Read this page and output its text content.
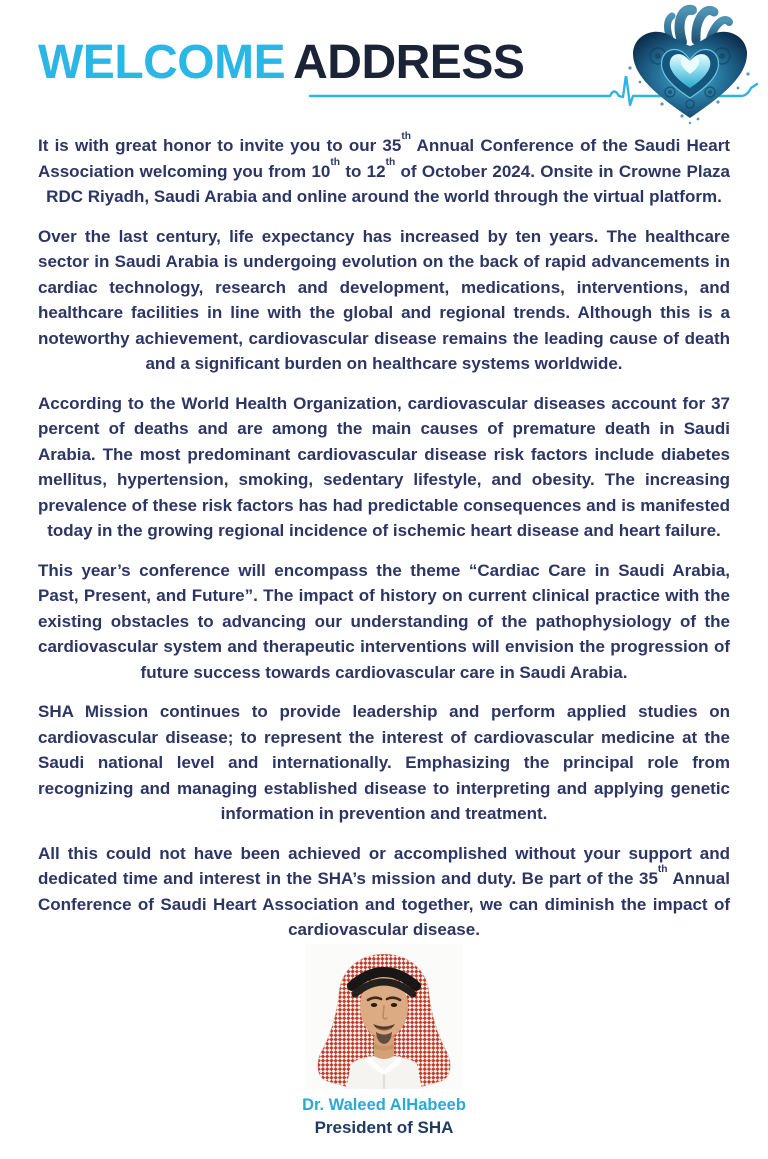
WELCOME ADDRESS

It is with great honor to invite you to our 35th Annual Conference of the Saudi Heart Association welcoming you from 10th to 12th of October 2024. Onsite in Crowne Plaza RDC Riyadh, Saudi Arabia and online around the world through the virtual platform.

Over the last century, life expectancy has increased by ten years. The healthcare sector in Saudi Arabia is undergoing evolution on the back of rapid advancements in cardiac technology, research and development, medications, interventions, and healthcare facilities in line with the global and regional trends. Although this is a noteworthy achievement, cardiovascular disease remains the leading cause of death and a significant burden on healthcare systems worldwide.

According to the World Health Organization, cardiovascular diseases account for 37 percent of deaths and are among the main causes of premature death in Saudi Arabia. The most predominant cardiovascular disease risk factors include diabetes mellitus, hypertension, smoking, sedentary lifestyle, and obesity. The increasing prevalence of these risk factors has had predictable consequences and is manifested today in the growing regional incidence of ischemic heart disease and heart failure.

This year’s conference will encompass the theme “Cardiac Care in Saudi Arabia, Past, Present, and Future”. The impact of history on current clinical practice with the existing obstacles to advancing our understanding of the pathophysiology of the cardiovascular system and therapeutic interventions will envision the progression of future success towards cardiovascular care in Saudi Arabia.

SHA Mission continues to provide leadership and perform applied studies on cardiovascular disease; to represent the interest of cardiovascular medicine at the Saudi national level and internationally. Emphasizing the principal role from recognizing and managing established disease to interpreting and applying genetic information in prevention and treatment.

All this could not have been achieved or accomplished without your support and dedicated time and interest in the SHA’s mission and duty. Be part of the 35th Annual Conference of Saudi Heart Association and together, we can diminish the impact of cardiovascular disease.

Dr. Waleed AlHabeeb
President of SHA
